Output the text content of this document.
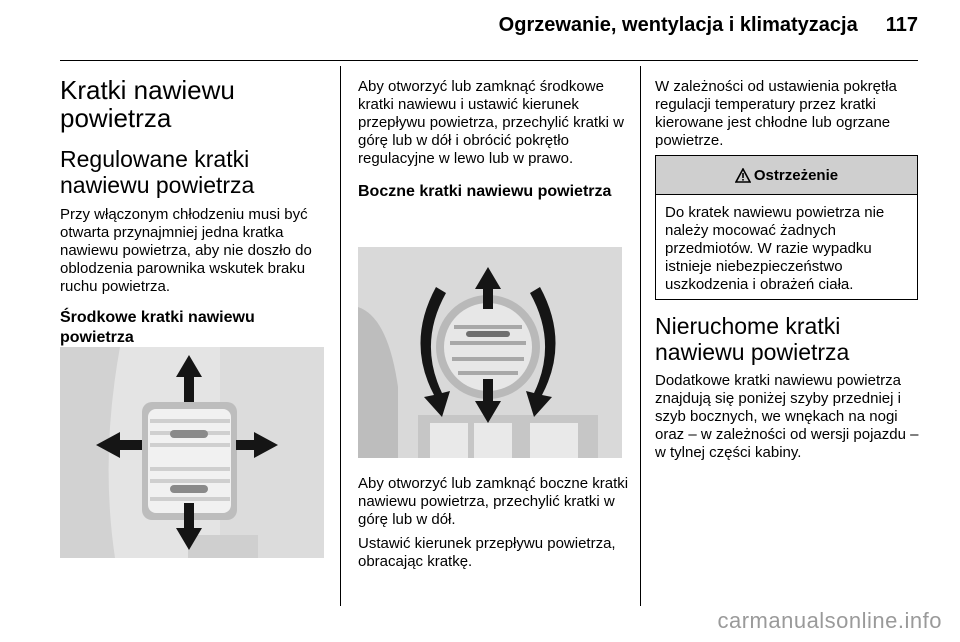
Ogrzewanie, wentylacja i klimatyzacja 117
Kratki nawiewu powietrza
Regulowane kratki nawiewu powietrza

Przy włączonym chłodzeniu musi być otwarta przynajmniej jedna kratka nawiewu powietrza, aby nie doszło do oblodzenia parownika wskutek braku ruchu powietrza.

Środkowe kratki nawiewu powietrza

Aby otworzyć lub zamknąć środkowe kratki nawiewu i ustawić kierunek przepływu powietrza, przechylić kratki w górę lub w dół i obrócić pokrętło regulacyjne w lewo lub w prawo.

Boczne kratki nawiewu powietrza

Aby otworzyć lub zamknąć boczne kratki nawiewu powietrza, przechylić kratki w górę lub w dół.

Ustawić kierunek przepływu powietrza, obracając kratkę.

W zależności od ustawienia pokrętła regulacji temperatury przez kratki kierowane jest chłodne lub ogrzane powietrze.

Ostrzeżenie
Do kratek nawiewu powietrza nie należy mocować żadnych przedmiotów. W razie wypadku istnieje niebezpieczeństwo uszkodzenia i obrażeń ciała.
Nieruchome kratki nawiewu powietrza

Dodatkowe kratki nawiewu powietrza znajdują się poniżej szyby przedniej i szyb bocznych, we wnękach na nogi oraz – w zależności od wersji pojazdu – w tylnej części kabiny.

carmanualsonline.info
